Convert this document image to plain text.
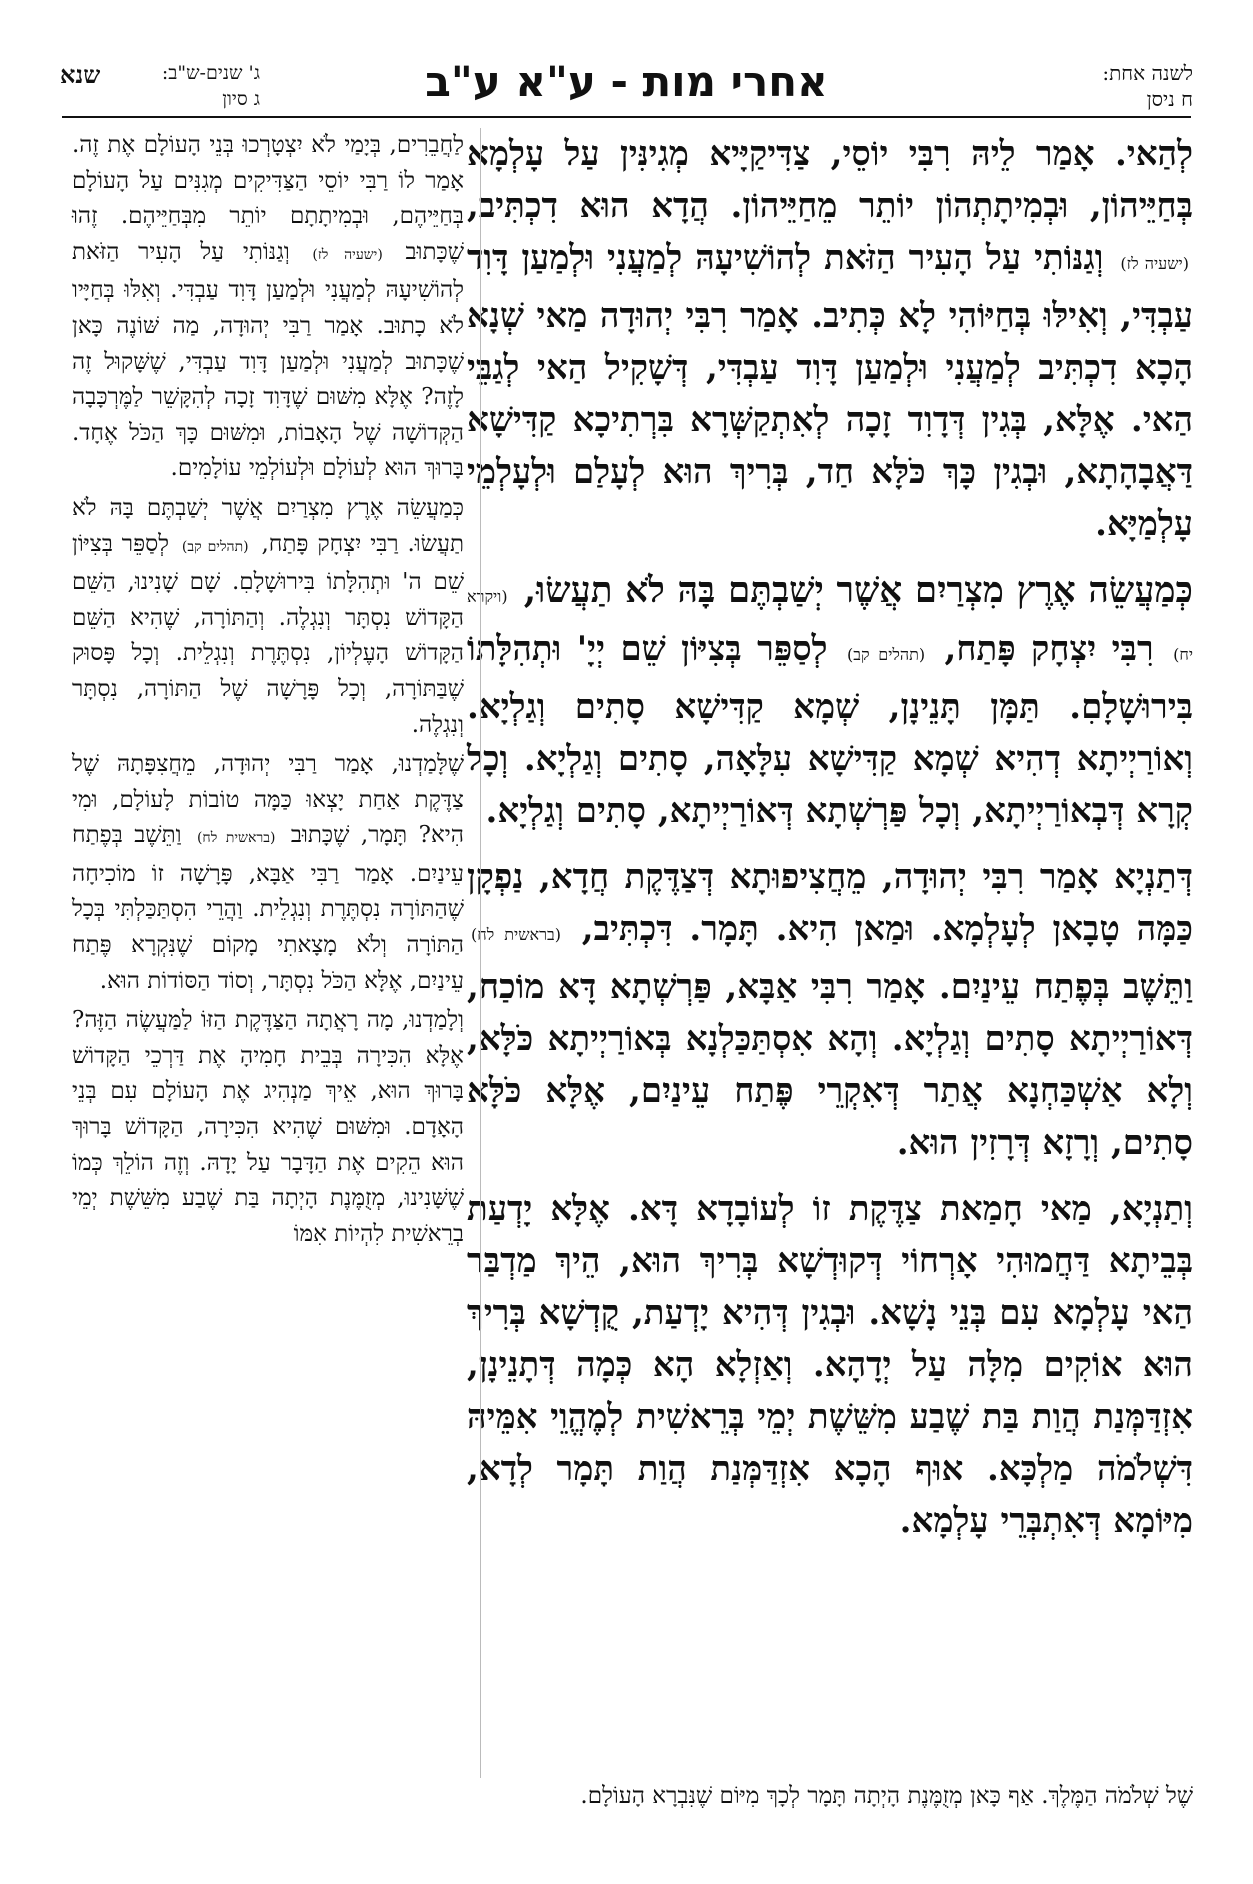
לשנה אחת:
ח ניסן
אחרי מות - ע"א ע"ב
שנא	ג' שנים-ש"ב:
ג סיון

לְהַאי. אָמַר לֵיהּ רִבִּי יוֹסֵי, צַדִּיקַיָּיא מְגִינִּין עַל עָלְמָא בְּחַיֵּיהוֹן, וּבְמִיתָתְהוֹן יוֹתֵר מֵחַיֵּיהוֹן. הֲדָא הוּא דִכְתִּיב, (ישעיה לז) וְגַנּוֹתִי עַל הָעִיר הַזֹּאת לְהוֹשִׁיעָהּ לְמַעֲנִי וּלְמַעַן דָּוִד עַבְדִּי, וְאִילּוּ בְּחַיּוֹהִי לָא כְּתִיב. אָמַר רִבִּי יְהוּדָה מַאי שְׁנָא הָכָא דִכְתִּיב לְמַעֲנִי וּלְמַעַן דָּוִד עַבְדִּי, דְּשָׁקִיל הַאי לְגַבֵּי הַאי. אֶלָּא, בְּגִין דְּדָוִד זָכָה לְאִתְקַשְּׁרָא בִּרְתִיכָא קַדִּישָׁא דַּאֲבָהָתָא, וּבְגִין כָּךְ כֹּלָּא חַד, בְּרִיךְ הוּא לְעָלַם וּלְעָלְמֵי עָלְמַיָּא.

כְּמַעֲשֵׂה אֶרֶץ מִצְרַיִם אֲשֶׁר יְשַׁבְתֶּם בָּהּ לֹא תַעֲשׂוּ, (ויקרא יח) רִבִּי יִצְחָק פָּתַח, (תהלים קב) לְסַפֵּר בְּצִיּוֹן שֵׁם יְיָ' וּתְהִלָּתוֹ בִּירוּשָׁלָםִ. תַּמָּן תָּנֵינָן, שְׁמָא קַדִּישָׁא סָתִים וְגַלְיָא. וְאוֹרַיְיתָא דְהִיא שְׁמָא קַדִּישָׁא עִלָּאָה, סָתִים וְגַלְיָא. וְכָל קְרָא דְּבְאוֹרַיְיתָא, וְכָל פַּרְשְׁתָא דְּאוֹרַיְיתָא, סָתִים וְגַלְיָא.

דְּתַנְיָא אָמַר רִבִּי יְהוּדָה, מֵחֲצִיפוּתָא דְּצַדֶּקֶת חֲדָא, נַפְקָן כַּמָּה טָבָאן לְעָלְמָא. וּמַאן הִיא. תָּמָר. דִּכְתִּיב, (בראשית לח) וַתֵּשֶׁב בְּפֶתַח עֵינַיִם. אָמַר רִבִּי אַבָּא, פַּרְשְׁתָא דָּא מוֹכַח, דְּאוֹרַיְיתָא סָתִים וְגַלְיָא. וְהָא אִסְתַּכַּלְנָא בְּאוֹרַיְיתָא כֹּלָּא, וְלָא אַשְׁכַּחְנָא אֲתַר דְּאִקְרֵי פֶּתַח עֵינַיִם, אֶלָּא כֹּלָּא סָתִים, וְרָזָא דְּרָזִין הוּא.

וְתַנְיָא, מַאי חָמַאת צַדֶּקֶת זוֹ לְעוֹבָדָא דָּא. אֶלָּא יָדְעַת בְּבֵיתָא דַּחֲמוּהִי אָרְחוֹי דְּקוּדְשָׁא בְּרִיךְ הוּא, הֵיךְ מַדְבַּר הַאי עָלְמָא עִם בְּנֵי נָשָׁא. וּבְגִין דְּהִיא יָדְעַת, קֻדְשָׁא בְּרִיךְ הוּא אוֹקִים מִלָּה עַל יְדָהָא. וְאַזְלָא הָא כְּמָה דְּתָנֵינָן, אִזְדַּמְּנַת הֲוַת בַּת שֶׁבַע מִשֵּׁשֶׁת יְמֵי בְּרֵאשִׁית לְמֶהֱוֵי אִמֵּיהּ דִּשְׁלֹמֹה מַלְכָּא. אוּף הָכָא אִזְדַּמְּנַת הֲוַת תָּמָר לְדָא, מִיּוֹמָא דְּאִתְבְּרֵי עָלְמָא.

לַחֲבֵרִים, בְּיָמַי לֹא יִצְטָרְכוּ בְּנֵי הָעוֹלָם אֶת זֶה. אָמַר לוֹ רַבִּי יוֹסֵי הַצַּדִּיקִים מְגִנִּים עַל הָעוֹלָם בְּחַיֵּיהֶם, וּבְמִיתָתָם יוֹתֵר מִבְּחַיֵּיהֶם. זֶהוּ שֶׁכָּתוּב (ישעיה לז) וְגַנּוֹתִי עַל הָעִיר הַזֹּאת לְהוֹשִׁיעָהּ לְמַעֲנִי וּלְמַעַן דָּוִד עַבְדִּי. וְאִלּוּ בְּחַיָּיו לֹא כָתוּב. אָמַר רַבִּי יְהוּדָה, מַה שּׁוֹנֶה כָּאן שֶׁכָּתוּב לְמַעֲנִי וּלְמַעַן דָּוִד עַבְדִּי, שֶׁשָּׁקוּל זֶה לָזֶה? אֶלָּא מִשּׁוּם שֶׁדָּוִד זָכָה לְהִקָּשֵׁר לַמֶּרְכָּבָה הַקְּדוֹשָׁה שֶׁל הָאָבוֹת, וּמִשּׁוּם כָּךְ הַכֹּל אֶחָד. בָּרוּךְ הוּא לְעוֹלָם וּלְעוֹלְמֵי עוֹלָמִים.

כְּמַעֲשֵׂה אֶרֶץ מִצְרַיִם אֲשֶׁר יְשַׁבְתֶּם בָּהּ לֹא תַעֲשׂוּ. רַבִּי יִצְחָק פָּתַח, (תהלים קב) לְסַפֵּר בְּצִיּוֹן שֵׁם ה' וּתְהִלָּתוֹ בִּירוּשָׁלָםִ. שָׁם שָׁנִינוּ, הַשֵּׁם הַקָּדוֹשׁ נִסְתָּר וְנִגְלֶה. וְהַתּוֹרָה, שֶׁהִיא הַשֵּׁם הַקָּדוֹשׁ הָעֶלְיוֹן, נִסְתֶּרֶת וְנִגְלֵית. וְכָל פָּסוּק שֶׁבַּתּוֹרָה, וְכָל פָּרָשָׁה שֶׁל הַתּוֹרָה, נִסְתָּר וְנִגְלֶה.

שֶׁלָּמַדְנוּ, אָמַר רַבִּי יְהוּדָה, מֵחֲצִפָּתָהּ שֶׁל צַדֶּקֶת אַחַת יָצְאוּ כַּמָּה טוֹבוֹת לָעוֹלָם, וּמִי הִיא? תָּמָר, שֶׁכָּתוּב (בראשית לח) וַתֵּשֶׁב בְּפֶתַח עֵינַיִם. אָמַר רַבִּי אַבָּא, פָּרָשָׁה זוֹ מוֹכִיחָה שֶׁהַתּוֹרָה נִסְתֶּרֶת וְנִגְלֵית. וַהֲרֵי הִסְתַּכַּלְתִּי בְּכָל הַתּוֹרָה וְלֹא מָצָאתִי מָקוֹם שֶׁנִּקְרָא פֶּתַח עֵינַיִם, אֶלָּא הַכֹּל נִסְתָּר, וְסוֹד הַסּוֹדוֹת הוּא.

וְלָמַדְנוּ, מָה רָאֲתָה הַצַּדֶּקֶת הַזּוֹ לַמַּעֲשֶׂה הַזֶּה? אֶלָּא הִכִּירָה בְּבֵית חָמִיהָ אֶת דַּרְכֵי הַקָּדוֹשׁ בָּרוּךְ הוּא, אֵיךְ מַנְהִיג אֶת הָעוֹלָם עִם בְּנֵי הָאָדָם. וּמִשּׁוּם שֶׁהִיא הִכִּירָה, הַקָּדוֹשׁ בָּרוּךְ הוּא הֵקִים אֶת הַדָּבָר עַל יָדָהּ. וְזֶה הוֹלֵךְ כְּמוֹ שֶׁשָּׁנִינוּ, מְזֻמֶּנֶת הָיְתָה בַּת שֶׁבַע מִשֵּׁשֶׁת יְמֵי בְרֵאשִׁית לִהְיוֹת אִמּוֹ

שֶׁל שְׁלֹמֹה הַמֶּלֶךְ. אַף כָּאן מְזֻמֶּנֶת הָיְתָה תָּמָר לְכָךְ מִיּוֹם שֶׁנִּבְרָא הָעוֹלָם.
